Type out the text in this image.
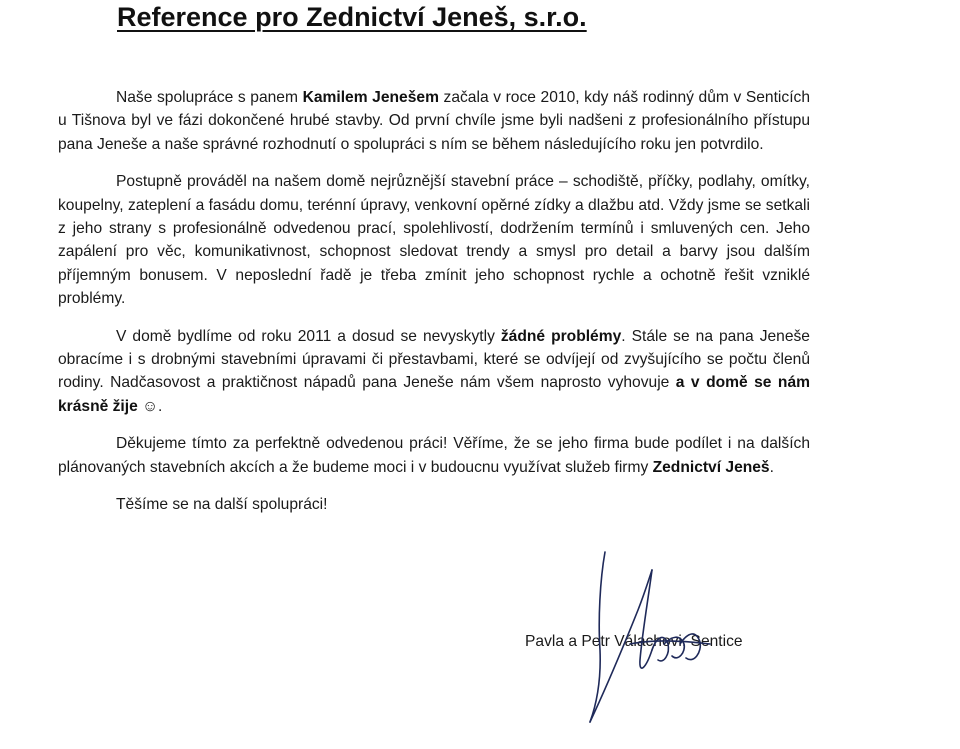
Reference pro Zednictví Jeneš, s.r.o.

Naše spolupráce s panem Kamilem Jenešem začala v roce 2010, kdy náš rodinný dům v Senticích u Tišnova byl ve fázi dokončené hrubé stavby. Od první chvíle jsme byli nadšeni z profesionálního přístupu pana Jeneše a naše správné rozhodnutí o spolupráci s ním se během následujícího roku jen potvrdilo.

Postupně prováděl na našem domě nejrůznější stavební práce – schodiště, příčky, podlahy, omítky, koupelny, zateplení a fasádu domu, terénní úpravy, venkovní opěrné zídky a dlažbu atd. Vždy jsme se setkali z jeho strany s profesionálně odvedenou prací, spolehlivostí, dodržením termínů i smluvených cen. Jeho zapálení pro věc, komunikativnost, schopnost sledovat trendy a smysl pro detail a barvy jsou dalším příjemným bonusem. V neposlední řadě je třeba zmínit jeho schopnost rychle a ochotně řešit vzniklé problémy.

V domě bydlíme od roku 2011 a dosud se nevyskytly žádné problémy. Stále se na pana Jeneše obracíme i s drobnými stavebními úpravami či přestavbami, které se odvíjejí od zvyšujícího se počtu členů rodiny. Nadčasovost a praktičnost nápadů pana Jeneše nám všem naprosto vyhovuje a v domě se nám krásně žije ☺.

Děkujeme tímto za perfektně odvedenou práci! Věříme, že se jeho firma bude podílet i na dalších plánovaných stavebních akcích a že budeme moci i v budoucnu využívat služeb firmy Zednictví Jeneš.

Těšíme se na další spolupráci!

Pavla a Petr Válachovi, Sentice
